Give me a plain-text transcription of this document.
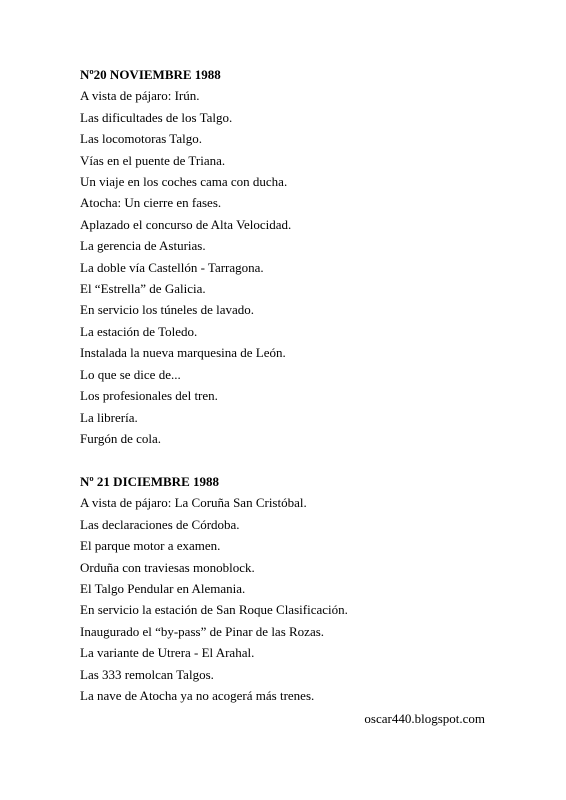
Nº20 NOVIEMBRE 1988
A vista de pájaro: Irún.
Las dificultades de los Talgo.
Las locomotoras Talgo.
Vías en el puente de Triana.
Un viaje en los coches cama con ducha.
Atocha: Un cierre en fases.
Aplazado el concurso de Alta Velocidad.
La gerencia de Asturias.
La doble vía Castellón - Tarragona.
El “Estrella” de Galicia.
En servicio los túneles de lavado.
La estación de Toledo.
Instalada la nueva marquesina de León.
Lo que se dice de...
Los profesionales del tren.
La librería.
Furgón de cola.
Nº 21 DICIEMBRE 1988
A vista de pájaro: La Coruña San Cristóbal.
Las declaraciones de Córdoba.
El parque motor a examen.
Orduña con traviesas monoblock.
El Talgo Pendular en Alemania.
En servicio la estación de San Roque Clasificación.
Inaugurado el “by-pass” de Pinar de las Rozas.
La variante de Utrera - El Arahal.
Las 333 remolcan Talgos.
La nave de Atocha ya no acogerá más trenes.
oscar440.blogspot.com
